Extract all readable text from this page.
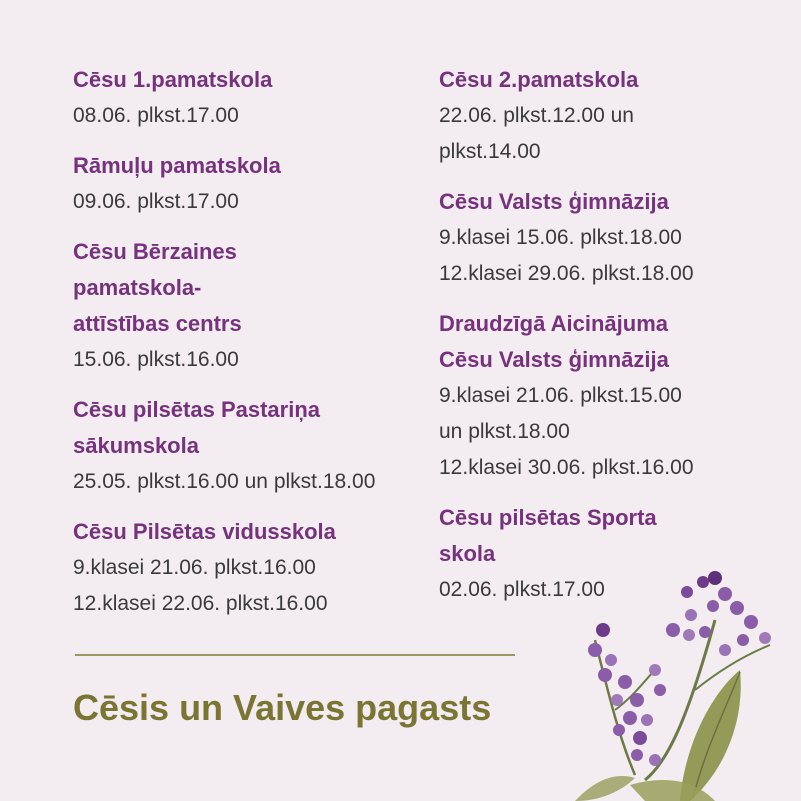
Cēsu 1.pamatskola
08.06. plkst.17.00
Rāmuļu pamatskola
09.06. plkst.17.00
Cēsu Bērzaines
pamatskola-
attīstības centrs
15.06. plkst.16.00
Cēsu pilsētas Pastariņa
sākumskola
25.05. plkst.16.00 un plkst.18.00
Cēsu Pilsētas vidusskola
9.klasei 21.06. plkst.16.00
12.klasei 22.06. plkst.16.00
Cēsu 2.pamatskola
22.06. plkst.12.00 un
plkst.14.00
Cēsu Valsts ģimnāzija
9.klasei 15.06. plkst.18.00
12.klasei 29.06. plkst.18.00
Draudzīgā Aicinājuma
Cēsu Valsts ģimnāzija
9.klasei 21.06. plkst.15.00
un plkst.18.00
12.klasei 30.06. plkst.16.00
Cēsu pilsētas Sporta
skola
02.06. plkst.17.00
Cēsis un Vaives pagasts
